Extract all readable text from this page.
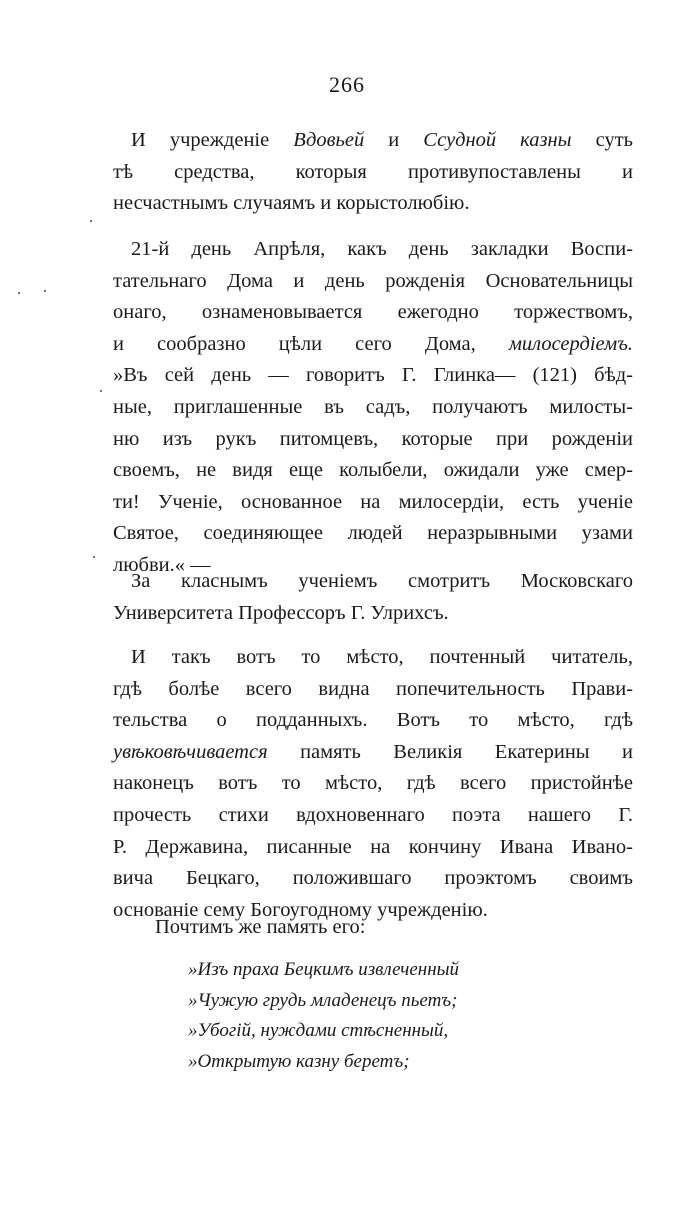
266
И учрежденіе Вдовьей и Ссудной казны суть
тѣ средства, которыя противупоставлены и
несчастнымъ случаямъ и корыстолюбію.
21-й день Апрѣля, какъ день закладки Воспи-
тательнаго Дома и день рожденія Основательницы
онаго, ознаменовывается ежегодно торжествомъ,
и сообразно цѣли сего Дома, милосердіемъ.
»Въ сей день — говоритъ Г. Глинка— (121) бѣд-
ные, приглашенные въ садъ, получаютъ милосты-
ню изъ рукъ питомцевъ, которые при рожденіи
своемъ, не видя еще колыбели, ожидали уже смер-
ти! Ученіе, основанное на милосердіи, есть ученіе
Святое, соединяющее людей неразрывными узами
любви.« —
За класнымъ ученіемъ смотритъ Московскаго
Университета Профессоръ Г. Улрихсъ.
И такъ вотъ то мѣсто, почтенный читатель,
гдѣ болѣе всего видна попечительность Прави-
тельства о подданныхъ. Вотъ то мѣсто, гдѣ
увѣковѣчивается память Великія Екатерины и
наконецъ вотъ то мѣсто, гдѣ всего пристойнѣе
прочесть стихи вдохновеннаго поэта нашего Г.
Р. Державина, писанные на кончину Ивана Ивано-
вича Бецкаго, положившаго проэктомъ своимъ
основаніе сему Богоугодному учрежденію.
Почтимъ же память его:
»Изъ праха Бецкимъ извлеченный
»Чужую грудь младенецъ пьетъ;
»Убогій, нуждами стѣсненный,
»Открытую казну беретъ;
